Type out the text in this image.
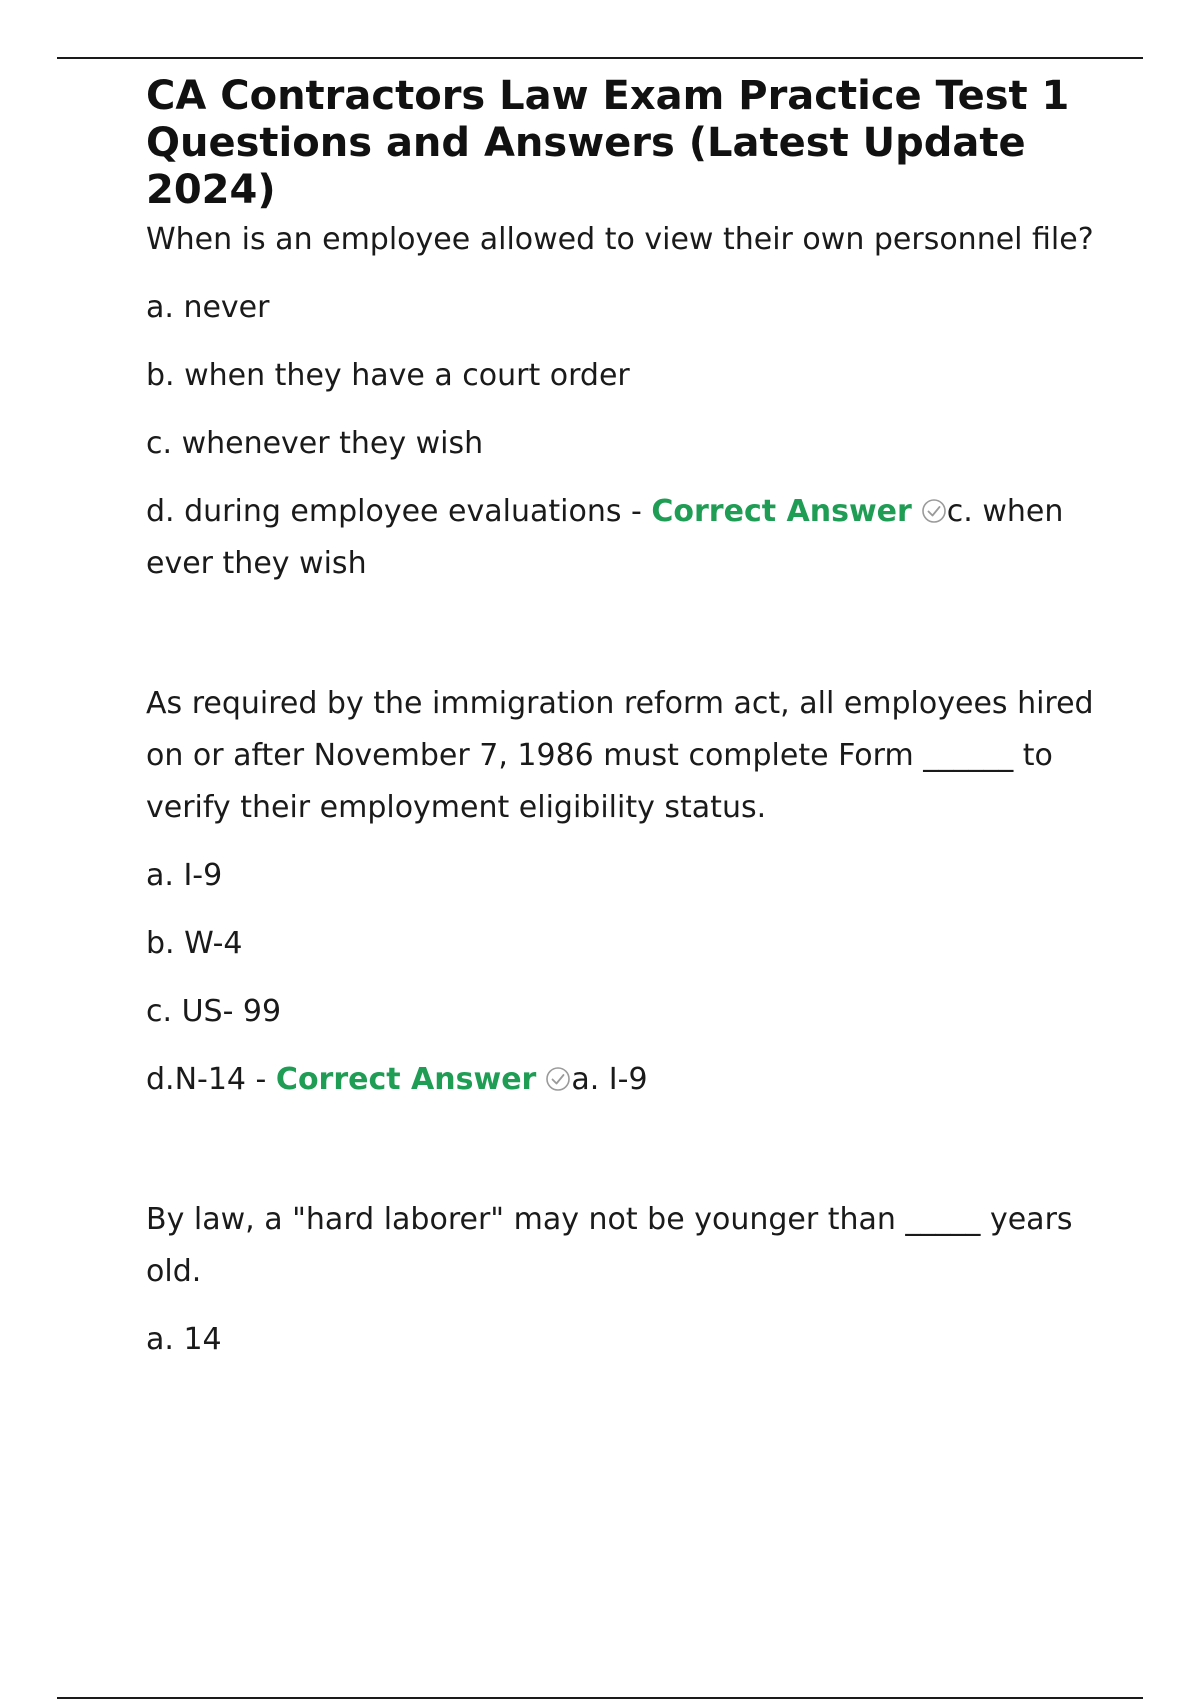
CA Contractors Law Exam Practice Test 1 Questions and Answers (Latest Update 2024)

When is an employee allowed to view their own personnel file?

a. never

b. when they have a court order

c. whenever they wish

d. during employee evaluations - Correct Answer c. when ever they wish

As required by the immigration reform act, all employees hired on or after November 7, 1986 must complete Form ______ to verify their employment eligibility status.

a. I-9

b. W-4

c. US- 99

d.N-14 - Correct Answer a. I-9

By law, a "hard laborer" may not be younger than _____ years old.

a. 14
